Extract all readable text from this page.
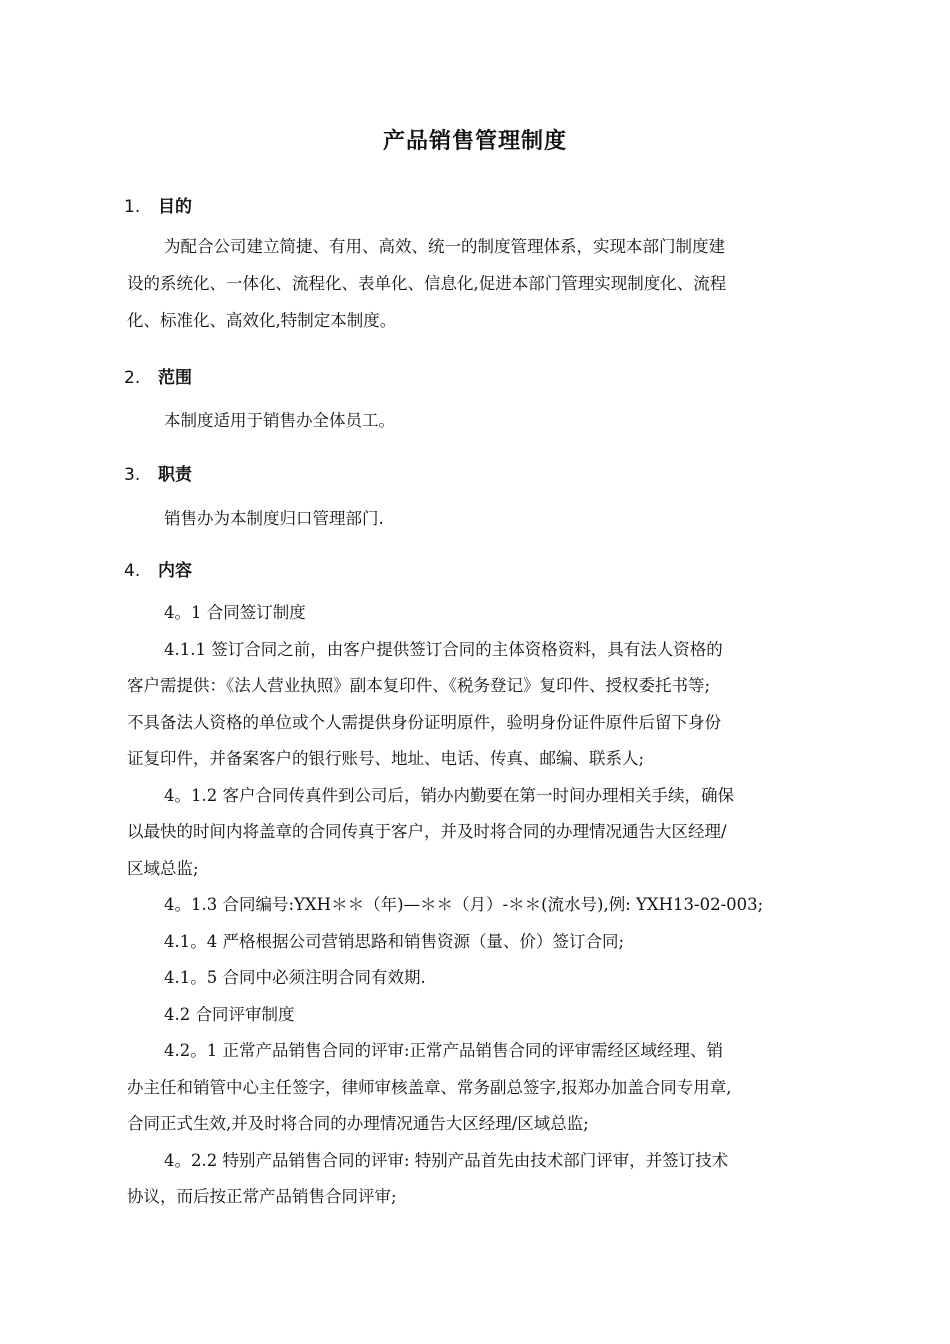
产品销售管理制度
1. 目的
为配合公司建立简捷、有用、高效、统一的制度管理体系，实现本部门制度建
设的系统化、一体化、流程化、表单化、信息化,促进本部门管理实现制度化、流程
化、标准化、高效化,特制定本制度。
2. 范围
本制度适用于销售办全体员工。
3. 职责
销售办为本制度归口管理部门.
4. 内容
4。1 合同签订制度
4.1.1 签订合同之前，由客户提供签订合同的主体资格资料，具有法人资格的
客户需提供：《法人营业执照》副本复印件、《税务登记》复印件、授权委托书等;
不具备法人资格的单位或个人需提供身份证明原件，验明身份证件原件后留下身份
证复印件，并备案客户的银行账号、地址、电话、传真、邮编、联系人;
4。1.2 客户合同传真件到公司后，销办内勤要在第一时间办理相关手续，确保
以最快的时间内将盖章的合同传真于客户，并及时将合同的办理情况通告大区经理/
区域总监;
4。1.3 合同编号:YXH＊＊（年)—＊＊（月）-＊＊(流水号),例: YXH13-02-003;
4.1。4 严格根据公司营销思路和销售资源（量、价）签订合同;
4.1。5 合同中必须注明合同有效期.
4.2 合同评审制度
4.2。1 正常产品销售合同的评审:正常产品销售合同的评审需经区域经理、销
办主任和销管中心主任签字，律师审核盖章、常务副总签字,报郑办加盖合同专用章,
合同正式生效,并及时将合同的办理情况通告大区经理/区域总监;
4。2.2 特别产品销售合同的评审: 特别产品首先由技术部门评审，并签订技术
协议，而后按正常产品销售合同评审;
